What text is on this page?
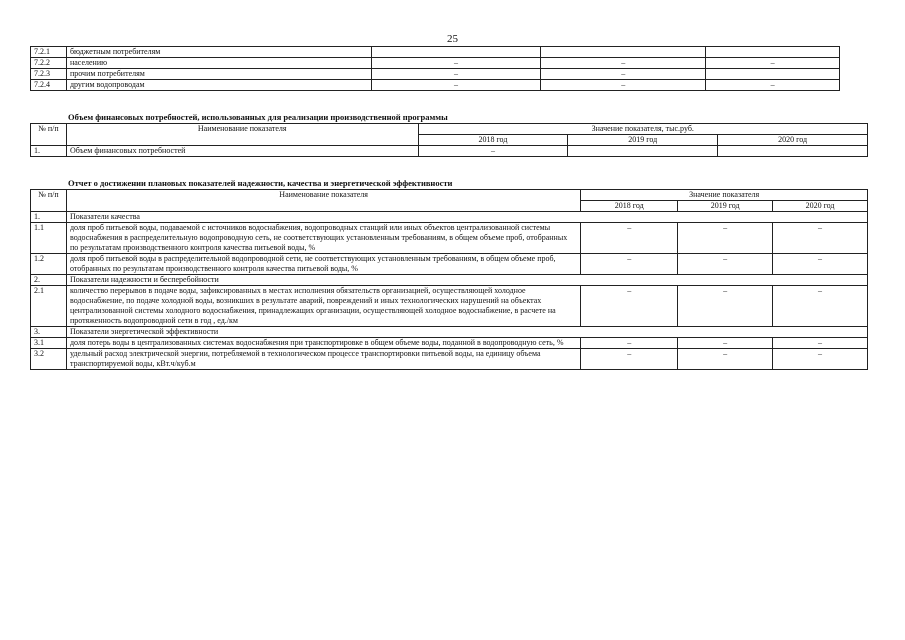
25
7.2.1	бюджетным потребителям			
7.2.2	населению	–	–	–
7.2.3	прочим потребителям	–	–	
7.2.4	другим водопроводам	–	–	–
Объем финансовых потребностей, использованных для реализации производственной программы
№ п/п	Наименование показателя	Значение показателя, тыс.руб.		
		2018 год	2019 год	2020 год
1.	Объем финансовых потребностей	–		
Отчет о достижении плановых показателей надежности, качества и энергетической эффективности
№ п/п	Наименование показателя	Значение показателя		
		2018 год	2019 год	2020 год
1.	Показатели качества			
1.1	доля проб питьевой воды, подаваемой с источников водоснабжения, водопроводных станций или иных объектов централизованной системы водоснабжения в распределительную водопроводную сеть, не соответствующих установленным требованиям, в общем объеме проб, отобранных по результатам производственного контроля качества питьевой воды, %	–	–	–
1.2	доля проб питьевой воды в распределительной водопроводной сети, не соответствующих установленным требованиям, в общем объеме проб, отобранных по результатам производственного контроля качества питьевой воды, %	–	–	–
2.	Показатели надежности и бесперебойности			
2.1	количество перерывов в подаче воды, зафиксированных в местах исполнения обязательств организацией, осуществляющей холодное водоснабжение, по подаче холодной воды, возникших в результате аварий, повреждений и иных технологических нарушений на объектах централизованной системы холодного водоснабжения, принадлежащих организации, осуществляющей холодное водоснабжение, в расчете на протяженность водопроводной сети в год , ед./км	–	–	–
3.	Показатели энергетической эффективности			
3.1	доля потерь воды в централизованных системах водоснабжения при транспортировке в общем объеме воды, поданной в водопроводную сеть, %	–	–	–
3.2	удельный расход электрической энергии, потребляемой в технологическом процессе транспортировки питьевой воды, на единицу объема транспортируемой воды, кВт.ч/куб.м	–	–	–
